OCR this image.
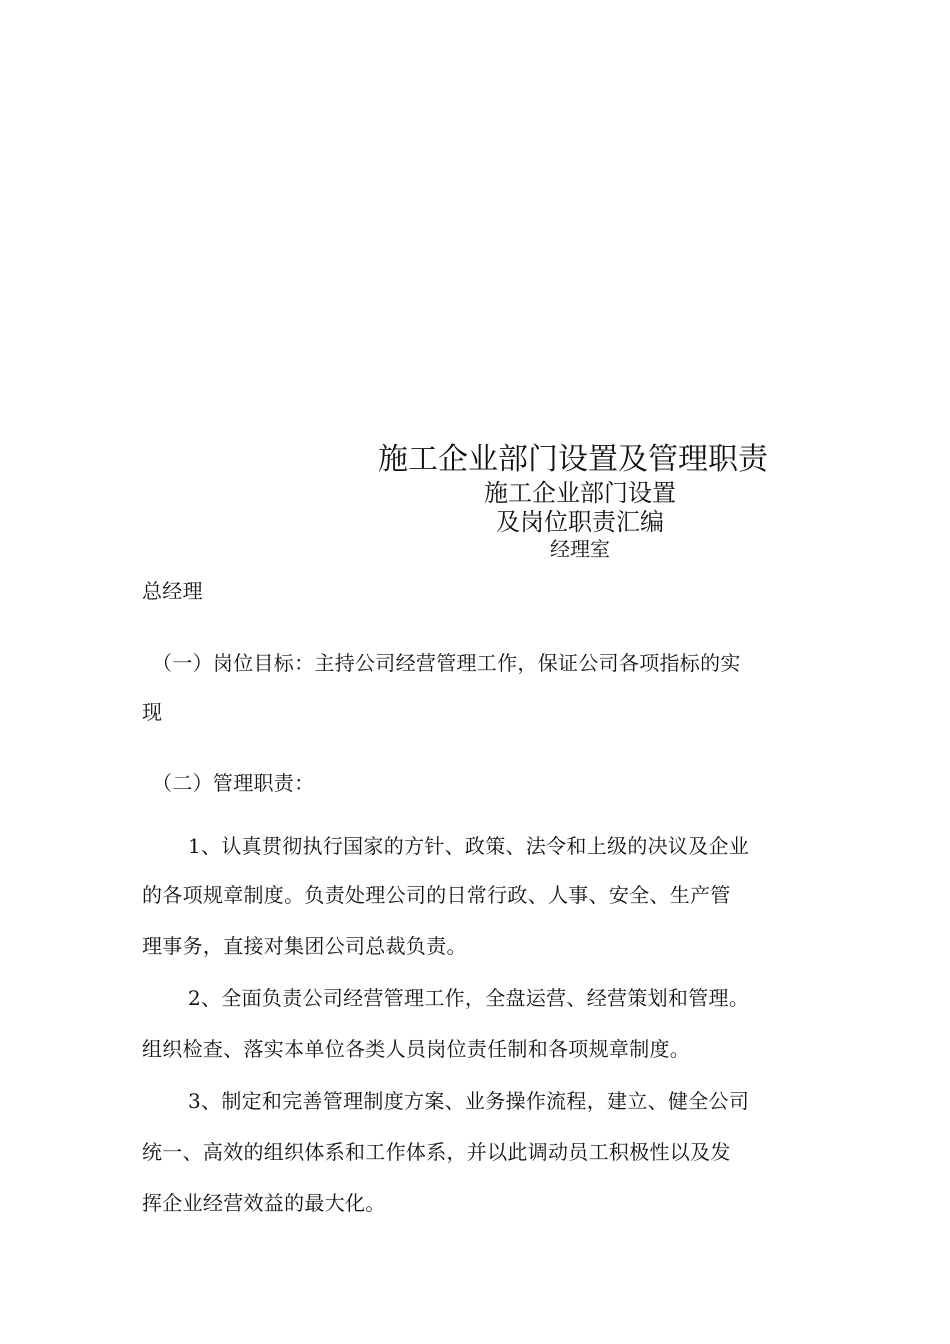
施工企业部门设置及管理职责
施工企业部门设置
及岗位职责汇编
经理室
总经理
（一）岗位目标：主持公司经营管理工作，保证公司各项指标的实
现
（二）管理职责：
1、认真贯彻执行国家的方针、政策、法令和上级的决议及企业
的各项规章制度。负责处理公司的日常行政、人事、安全、生产管
理事务，直接对集团公司总裁负责。
2、全面负责公司经营管理工作，全盘运营、经营策划和管理。
组织检查、落实本单位各类人员岗位责任制和各项规章制度。
3、制定和完善管理制度方案、业务操作流程，建立、健全公司
统一、高效的组织体系和工作体系，并以此调动员工积极性以及发
挥企业经营效益的最大化。
